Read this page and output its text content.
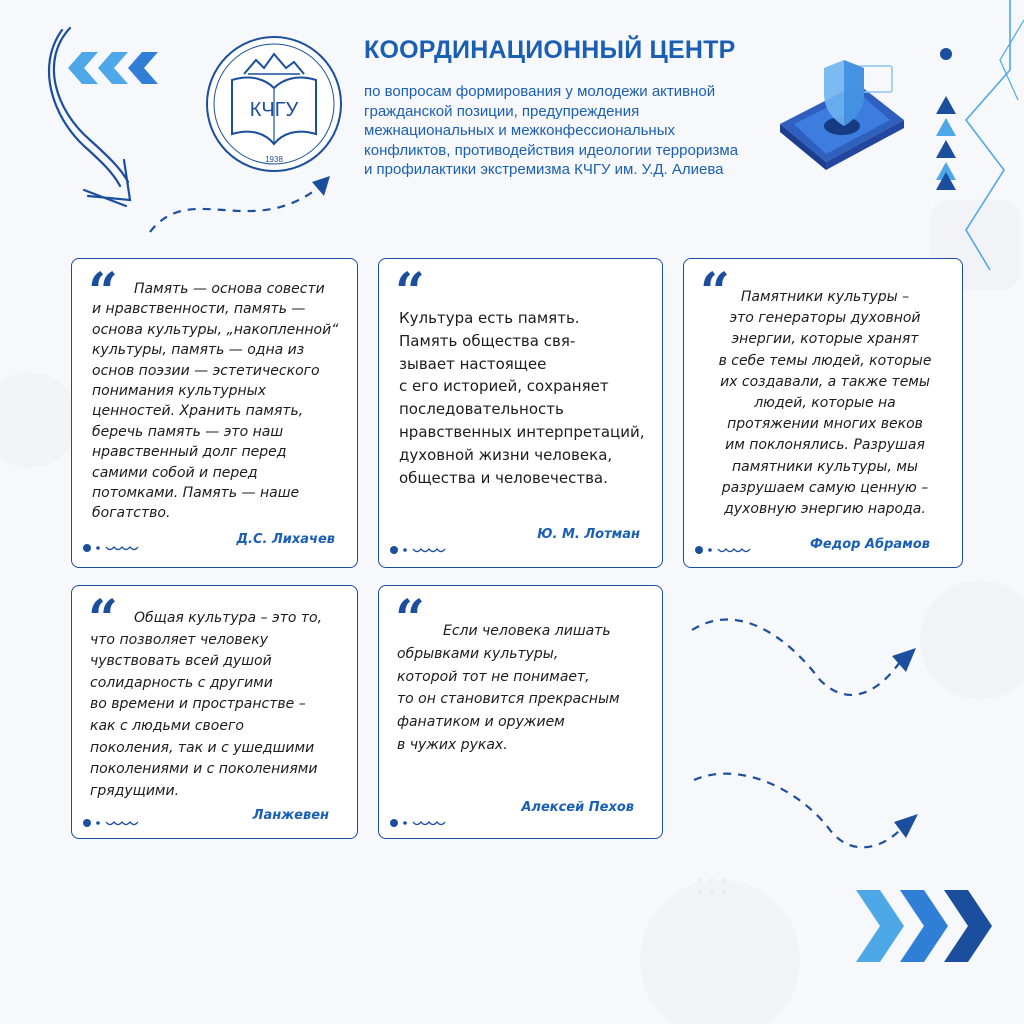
КЧГУ
1938
КООРДИНАЦИОННЫЙ ЦЕНТР
по вопросам формирования у молодежи активной
гражданской позиции, предупреждения
межнациональных и межконфессиональных
конфликтов, противодействия идеологии терроризма
и профилактики экстремизма КЧГУ им. У.Д. Алиева
“	Память — основа совести
и нравственности, память —
основа культуры, „накопленной“
культуры, память — одна из
основ поэзии — эстетического
понимания культурных
ценностей. Хранить память,
беречь память — это наш
нравственный долг перед
самими собой и перед
потомками. Память — наше
богатство.
Д.С. Лихачев
“
Культура есть память.
Память общества свя-
зывает настоящее
с его историей, сохраняет
последовательность
нравственных интерпретаций,
духовной жизни человека,
общества и человечества.
Ю. М. Лотман
“ Памятники культуры –
это генераторы духовной
энергии, которые хранят
в себе темы людей, которые
их создавали, а также темы
людей, которые на
протяжении многих веков
им поклонялись. Разрушая
памятники культуры, мы
разрушаем самую ценную –
духовную энергию народа.
Федор Абрамов
“	Общая культура – это то,
что позволяет человеку
чувствовать всей душой
солидарность с другими
во времени и пространстве –
как с людьми своего
поколения, так и с ушедшими
поколениями и с поколениями
грядущими.
Ланжевен
“	Если человека лишать
обрывками культуры,
которой тот не понимает,
то он становится прекрасным
фанатиком и оружием
в чужих руках.
Алексей Пехов
